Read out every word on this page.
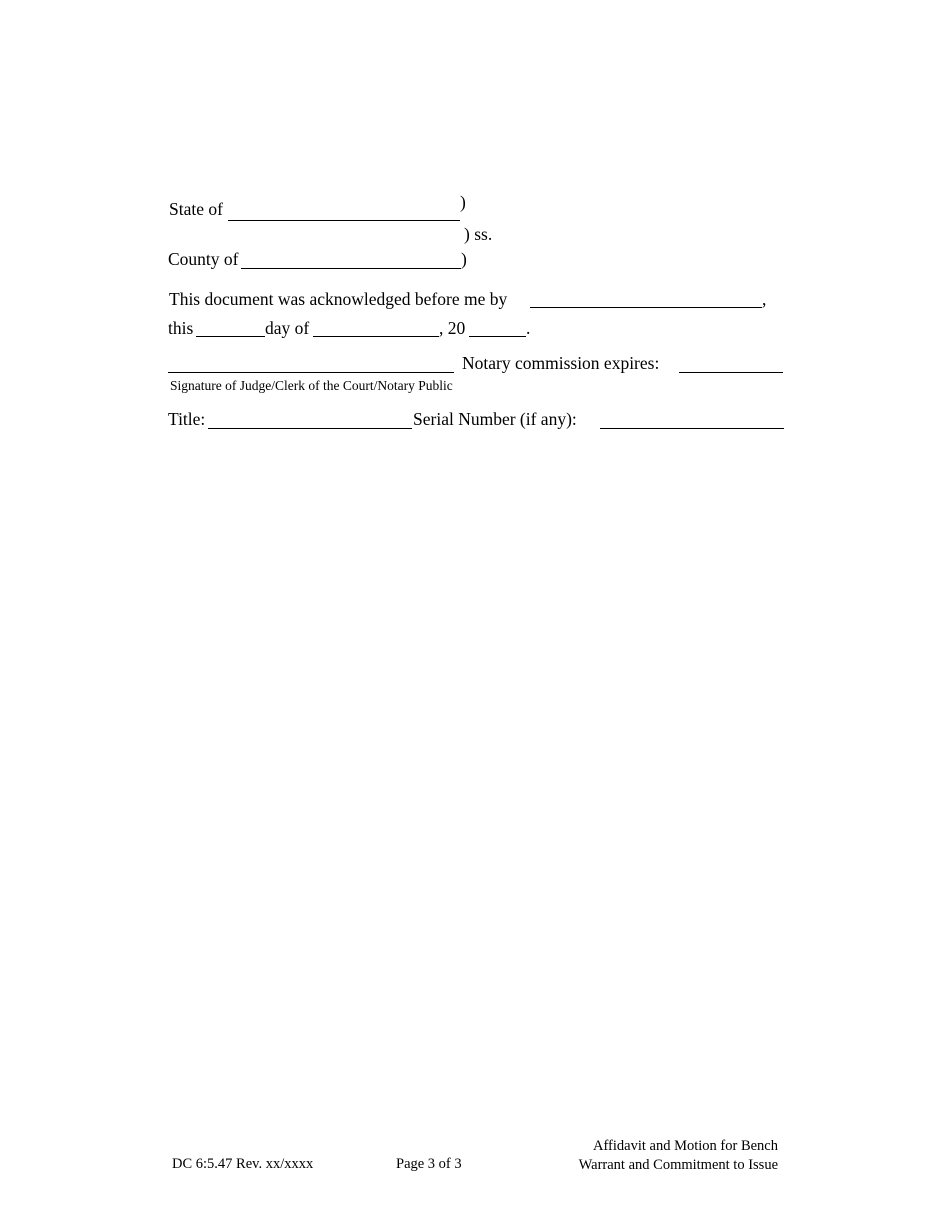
State of	)
) ss.
County of	)
This document was acknowledged before me by	,
this	day of	, 20	.
Notary commission expires:
Signature of Judge/Clerk of the Court/Notary Public
Title:	Serial Number (if any):
DC 6:5.47 Rev. xx/xxxx	Page 3 of 3
Affidavit and Motion for Bench
Warrant and Commitment to Issue
